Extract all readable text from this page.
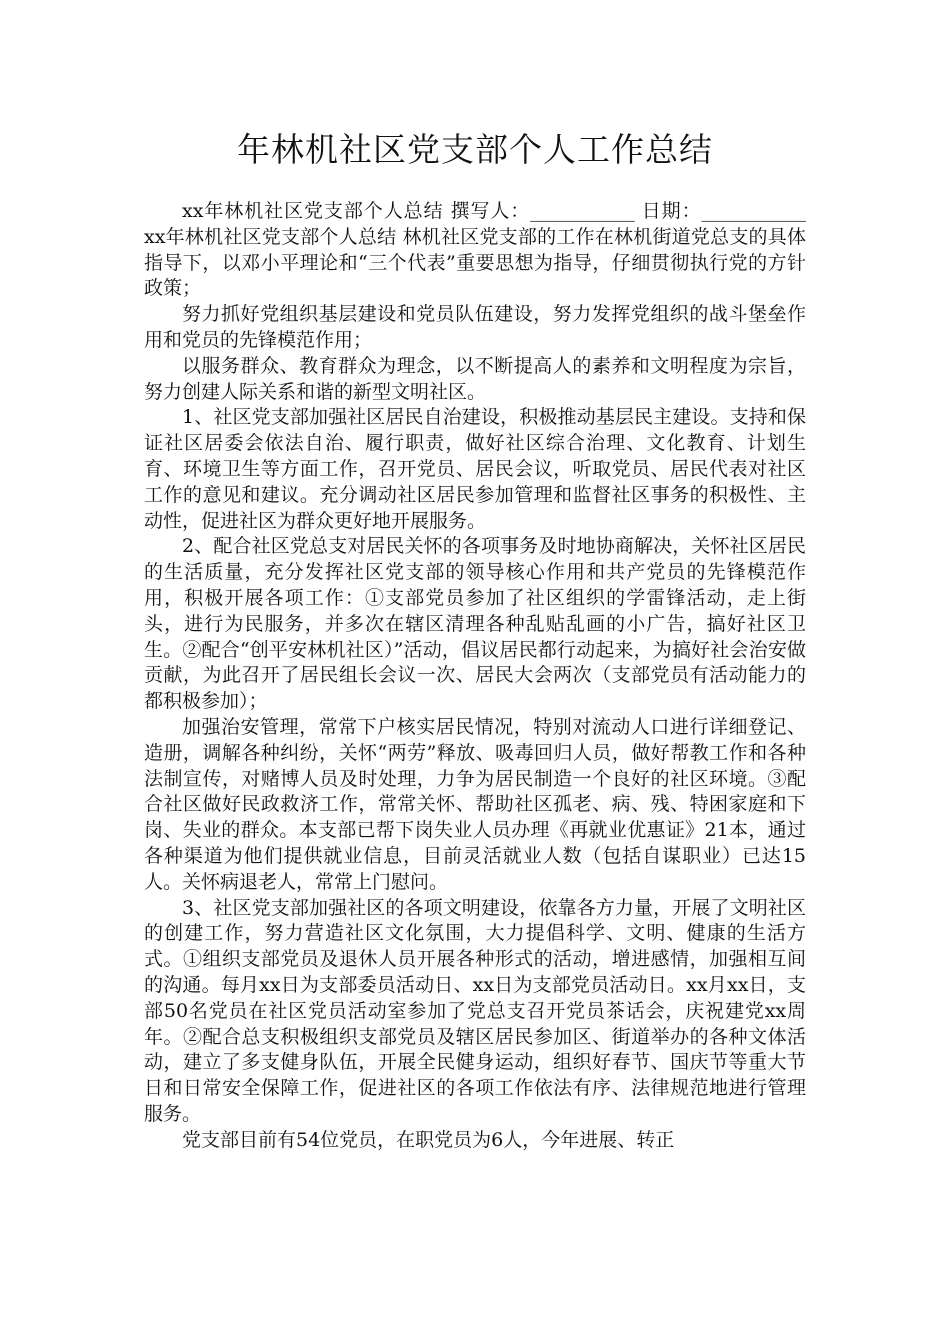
年林机社区党支部个人工作总结

xx年林机社区党支部个人总结 撰写人：___________ 日期：___________ xx年林机社区党支部个人总结 林机社区党支部的工作在林机街道党总支的具体指导下，以邓小平理论和“三个代表”重要思想为指导，仔细贯彻执行党的方针政策；

努力抓好党组织基层建设和党员队伍建设，努力发挥党组织的战斗堡垒作用和党员的先锋模范作用；

以服务群众、教育群众为理念，以不断提高人的素养和文明程度为宗旨，努力创建人际关系和谐的新型文明社区。

1、社区党支部加强社区居民自治建设，积极推动基层民主建设。支持和保证社区居委会依法自治、履行职责，做好社区综合治理、文化教育、计划生育、环境卫生等方面工作，召开党员、居民会议，听取党员、居民代表对社区工作的意见和建议。充分调动社区居民参加管理和监督社区事务的积极性、主动性，促进社区为群众更好地开展服务。

2、配合社区党总支对居民关怀的各项事务及时地协商解决，关怀社区居民的生活质量，充分发挥社区党支部的领导核心作用和共产党员的先锋模范作用，积极开展各项工作：①支部党员参加了社区组织的学雷锋活动，走上街头，进行为民服务，并多次在辖区清理各种乱贴乱画的小广告，搞好社区卫生。②配合“创平安林机社区）”活动，倡议居民都行动起来，为搞好社会治安做贡献，为此召开了居民组长会议一次、居民大会两次（支部党员有活动能力的都积极参加）；

加强治安管理，常常下户核实居民情况，特别对流动人口进行详细登记、造册，调解各种纠纷，关怀“两劳”释放、吸毒回归人员，做好帮教工作和各种法制宣传，对赌博人员及时处理，力争为居民制造一个良好的社区环境。③配合社区做好民政救济工作，常常关怀、帮助社区孤老、病、残、特困家庭和下岗、失业的群众。本支部已帮下岗失业人员办理《再就业优惠证》21本，通过各种渠道为他们提供就业信息，目前灵活就业人数（包括自谋职业）已达15人。关怀病退老人，常常上门慰问。

3、社区党支部加强社区的各项文明建设，依靠各方力量，开展了文明社区的创建工作，努力营造社区文化氛围，大力提倡科学、文明、健康的生活方式。①组织支部党员及退休人员开展各种形式的活动，增进感情，加强相互间的沟通。每月xx日为支部委员活动日、xx日为支部党员活动日。xx月xx日，支部50名党员在社区党员活动室参加了党总支召开党员茶话会，庆祝建党xx周年。②配合总支积极组织支部党员及辖区居民参加区、街道举办的各种文体活动，建立了多支健身队伍，开展全民健身运动，组织好春节、国庆节等重大节日和日常安全保障工作，促进社区的各项工作依法有序、法律规范地进行管理服务。

党支部目前有54位党员，在职党员为6人，今年进展、转正
